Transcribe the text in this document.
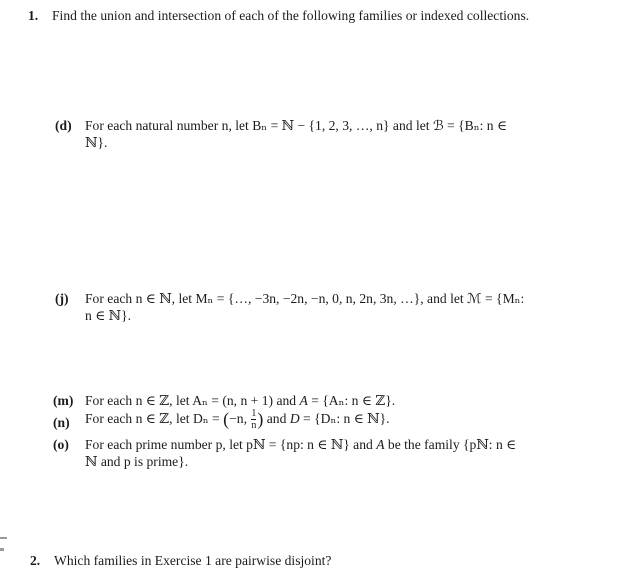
1. Find the union and intersection of each of the following families or indexed collections.
(d) For each natural number n, let Bₙ = ℕ − {1, 2, 3, …, n} and let ℬ = {Bₙ: n ∈ ℕ}.
(j) For each n ∈ ℕ, let Mₙ = {…, −3n, −2n, −n, 0, n, 2n, 3n, …}, and let ℳ = {Mₙ: n ∈ ℕ}.
(m) For each n ∈ ℤ, let Aₙ = (n, n + 1) and A = {Aₙ: n ∈ ℤ}.
(n) For each n ∈ ℤ, let Dₙ = (−n, $\frac{1}{n}$ ) and D = {Dₙ: n ∈ ℕ}.
(o) For each prime number p, let pℕ = {np: n ∈ ℕ} and A be the family {pℕ: n ∈ ℕ and p is prime}.
2. Which families in Exercise 1 are pairwise disjoint?
